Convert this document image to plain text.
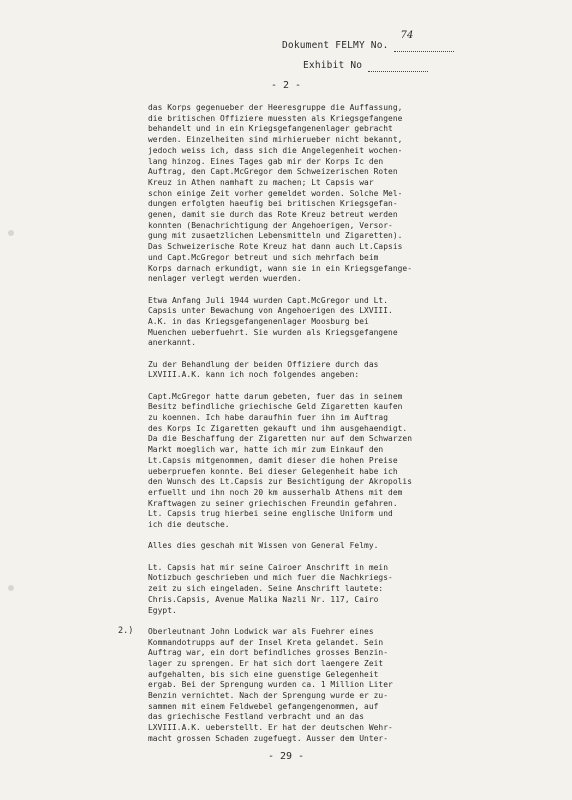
Dokument FELMY No.
74

Exhibit No
- 2 -

das Korps gegenueber der Heeresgruppe die Auffassung,
die britischen Offiziere muessten als Kriegsgefangene
behandelt und in ein Kriegsgefangenenlager gebracht
werden. Einzelheiten sind mirhierueber nicht bekannt,
jedoch weiss ich, dass sich die Angelegenheit wochen-
lang hinzog. Eines Tages gab mir der Korps Ic den
Auftrag, den Capt.McGregor dem Schweizerischen Roten
Kreuz in Athen namhaft zu machen; Lt Capsis war
schon einige Zeit vorher gemeldet worden. Solche Mel-
dungen erfolgten haeufig bei britischen Kriegsgefan-
genen, damit sie durch das Rote Kreuz betreut werden
konnten (Benachrichtigung der Angehoerigen, Versor-
gung mit zusaetzlichen Lebensmitteln und Zigaretten).
Das Schweizerische Rote Kreuz hat dann auch Lt.Capsis
und Capt.McGregor betreut und sich mehrfach beim
Korps darnach erkundigt, wann sie in ein Kriegsgefange-
nenlager verlegt werden wuerden.

Etwa Anfang Juli 1944 wurden Capt.McGregor und Lt.
Capsis unter Bewachung von Angehoerigen des LXVIII.
A.K. in das Kriegsgefangenenlager Moosburg bei
Muenchen ueberfuehrt. Sie wurden als Kriegsgefangene
anerkannt.

Zu der Behandlung der beiden Offiziere durch das
LXVIII.A.K. kann ich noch folgendes angeben:

Capt.McGregor hatte darum gebeten, fuer das in seinem
Besitz befindliche griechische Geld Zigaretten kaufen
zu koennen. Ich habe daraufhin fuer ihn im Auftrag
des Korps Ic Zigaretten gekauft und ihm ausgehaendigt.
Da die Beschaffung der Zigaretten nur auf dem Schwarzen
Markt moeglich war, hatte ich mir zum Einkauf den
Lt.Capsis mitgenommen, damit dieser die hohen Preise
ueberpruefen konnte. Bei dieser Gelegenheit habe ich
den Wunsch des Lt.Capsis zur Besichtigung der Akropolis
erfuellt und ihn noch 20 km ausserhalb Athens mit dem
Kraftwagen zu seiner griechischen Freundin gefahren.
Lt. Capsis trug hierbei seine englische Uniform und
ich die deutsche.

Alles dies geschah mit Wissen von General Felmy.

Lt. Capsis hat mir seine Cairoer Anschrift in mein
Notizbuch geschrieben und mich fuer die Nachkriegs-
zeit zu sich eingeladen. Seine Anschrift lautete:
Chris.Capsis, Avenue Malika Nazli Nr. 117, Cairo
Egypt.

Oberleutnant John Lodwick war als Fuehrer eines
Kommandotrupps auf der Insel Kreta gelandet. Sein
Auftrag war, ein dort befindliches grosses Benzin-
lager zu sprengen. Er hat sich dort laengere Zeit
aufgehalten, bis sich eine guenstige Gelegenheit
ergab. Bei der Sprengung wurden ca. 1 Million Liter
Benzin vernichtet. Nach der Sprengung wurde er zu-
sammen mit einem Feldwebel gefangengenommen, auf
das griechische Festland verbracht und an das
LXVIII.A.K. ueberstellt. Er hat der deutschen Wehr-
macht grossen Schaden zugefuegt. Ausser dem Unter-

2.)
- 29 -
